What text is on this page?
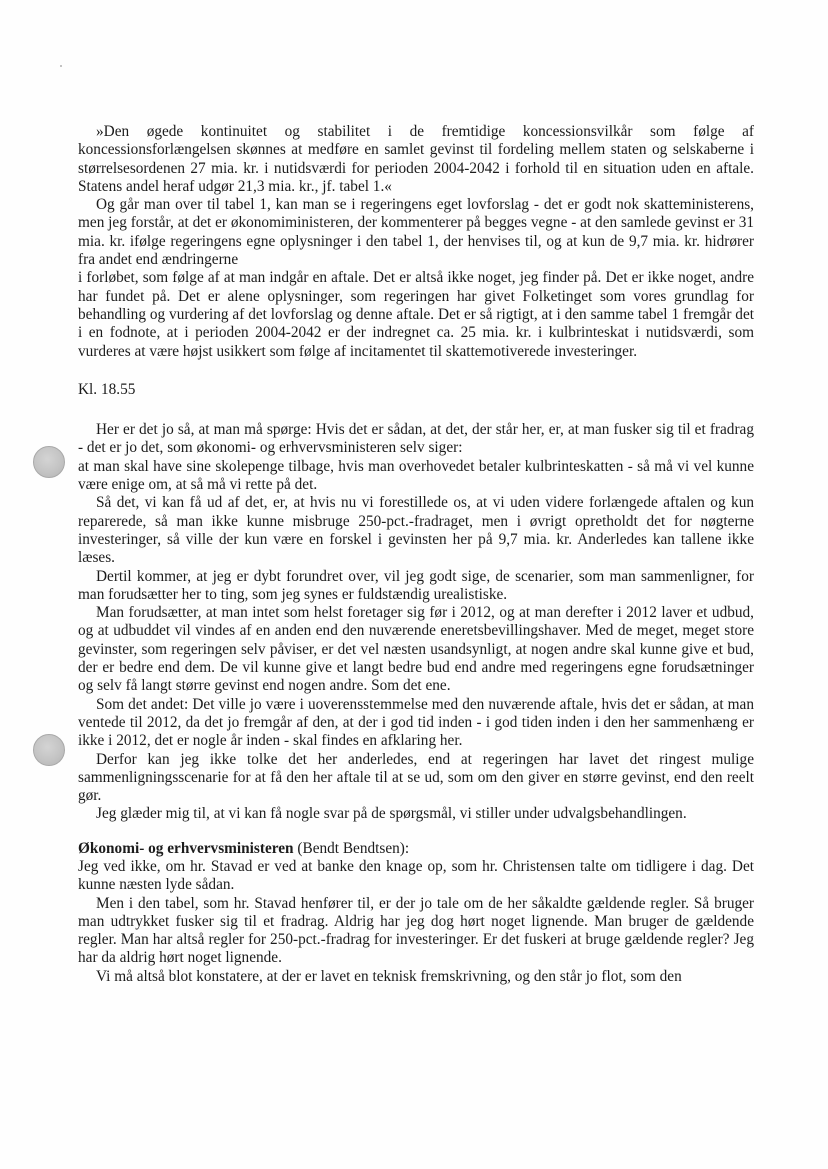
»Den øgede kontinuitet og stabilitet i de fremtidige koncessionsvilkår som følge af koncessionsforlængelsen skønnes at medføre en samlet gevinst til fordeling mellem staten og selskaberne i størrelsesordenen 27 mia. kr. i nutidsværdi for perioden 2004-2042 i forhold til en situation uden en aftale. Statens andel heraf udgør 21,3 mia. kr., jf. tabel 1.«

Og går man over til tabel 1, kan man se i regeringens eget lovforslag - det er godt nok skatteministerens, men jeg forstår, at det er økonomiministeren, der kommenterer på begges vegne - at den samlede gevinst er 31 mia. kr. ifølge regeringens egne oplysninger i den tabel 1, der henvises til, og at kun de 9,7 mia. kr. hidrører fra andet end ændringerne

i forløbet, som følge af at man indgår en aftale. Det er altså ikke noget, jeg finder på. Det er ikke noget, andre har fundet på. Det er alene oplysninger, som regeringen har givet Folketinget som vores grundlag for behandling og vurdering af det lovforslag og denne aftale. Det er så rigtigt, at i den samme tabel 1 fremgår det i en fodnote, at i perioden 2004-2042 er der indregnet ca. 25 mia. kr. i kulbrinteskat i nutidsværdi, som vurderes at være højst usikkert som følge af incitamentet til skattemotiverede investeringer.

Kl. 18.55

Her er det jo så, at man må spørge: Hvis det er sådan, at det, der står her, er, at man fusker sig til et fradrag - det er jo det, som økonomi- og erhvervsministeren selv siger:

at man skal have sine skolepenge tilbage, hvis man overhovedet betaler kulbrinteskatten - så må vi vel kunne være enige om, at så må vi rette på det.

Så det, vi kan få ud af det, er, at hvis nu vi forestillede os, at vi uden videre forlængede aftalen og kun reparerede, så man ikke kunne misbruge 250-pct.-fradraget, men i øvrigt opretholdt det for nøgterne investeringer, så ville der kun være en forskel i gevinsten her på 9,7 mia. kr. Anderledes kan tallene ikke læses.

Dertil kommer, at jeg er dybt forundret over, vil jeg godt sige, de scenarier, som man sammenligner, for man forudsætter her to ting, som jeg synes er fuldstændig urealistiske.

Man forudsætter, at man intet som helst foretager sig før i 2012, og at man derefter i 2012 laver et udbud, og at udbuddet vil vindes af en anden end den nuværende eneretsbevillingshaver. Med de meget, meget store gevinster, som regeringen selv påviser, er det vel næsten usandsynligt, at nogen andre skal kunne give et bud, der er bedre end dem. De vil kunne give et langt bedre bud end andre med regeringens egne forudsætninger og selv få langt større gevinst end nogen andre. Som det ene.

Som det andet: Det ville jo være i uoverensstemmelse med den nuværende aftale, hvis det er sådan, at man ventede til 2012, da det jo fremgår af den, at der i god tid inden - i god tiden inden i den her sammenhæng er ikke i 2012, det er nogle år inden - skal findes en afklaring her.

Derfor kan jeg ikke tolke det her anderledes, end at regeringen har lavet det ringest mulige sammenligningsscenarie for at få den her aftale til at se ud, som om den giver en større gevinst, end den reelt gør.

Jeg glæder mig til, at vi kan få nogle svar på de spørgsmål, vi stiller under udvalgsbehandlingen.

Økonomi- og erhvervsministeren (Bendt Bendtsen):

Jeg ved ikke, om hr. Stavad er ved at banke den knage op, som hr. Christensen talte om tidligere i dag. Det kunne næsten lyde sådan.

Men i den tabel, som hr. Stavad henfører til, er der jo tale om de her såkaldte gældende regler. Så bruger man udtrykket fusker sig til et fradrag. Aldrig har jeg dog hørt noget lignende. Man bruger de gældende regler. Man har altså regler for 250-pct.-fradrag for investeringer. Er det fuskeri at bruge gældende regler? Jeg har da aldrig hørt noget lignende.

Vi må altså blot konstatere, at der er lavet en teknisk fremskrivning, og den står jo flot, som den
